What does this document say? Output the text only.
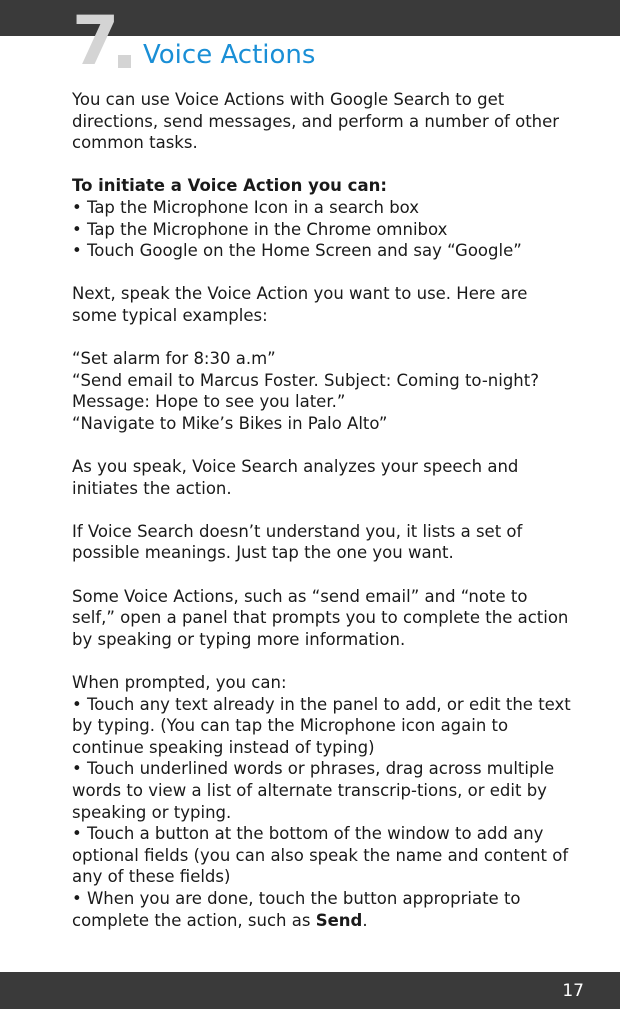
7 Voice Actions

You can use Voice Actions with Google Search to get directions, send messages, and perform a number of other common tasks.

To initiate a Voice Action you can:
• Tap the Microphone Icon in a search box
• Tap the Microphone in the Chrome omnibox
• Touch Google on the Home Screen and say “Google”

Next, speak the Voice Action you want to use. Here are some typical examples:

“Set alarm for 8:30 a.m”
“Send email to Marcus Foster. Subject: Coming to-night? Message: Hope to see you later.”
“Navigate to Mike’s Bikes in Palo Alto”

As you speak, Voice Search analyzes your speech and initiates the action.

If Voice Search doesn’t understand you, it lists a set of possible meanings. Just tap the one you want.

Some Voice Actions, such as “send email” and “note to self,” open a panel that prompts you to complete the action by speaking or typing more information.

When prompted, you can:
• Touch any text already in the panel to add, or edit the text by typing. (You can tap the Microphone icon again to continue speaking instead of typing)
• Touch underlined words or phrases, drag across multiple words to view a list of alternate transcrip-tions, or edit by speaking or typing.
• Touch a button at the bottom of the window to add any optional fields (you can also speak the name and content of any of these fields)
• When you are done, touch the button appropriate to complete the action, such as Send.

17
